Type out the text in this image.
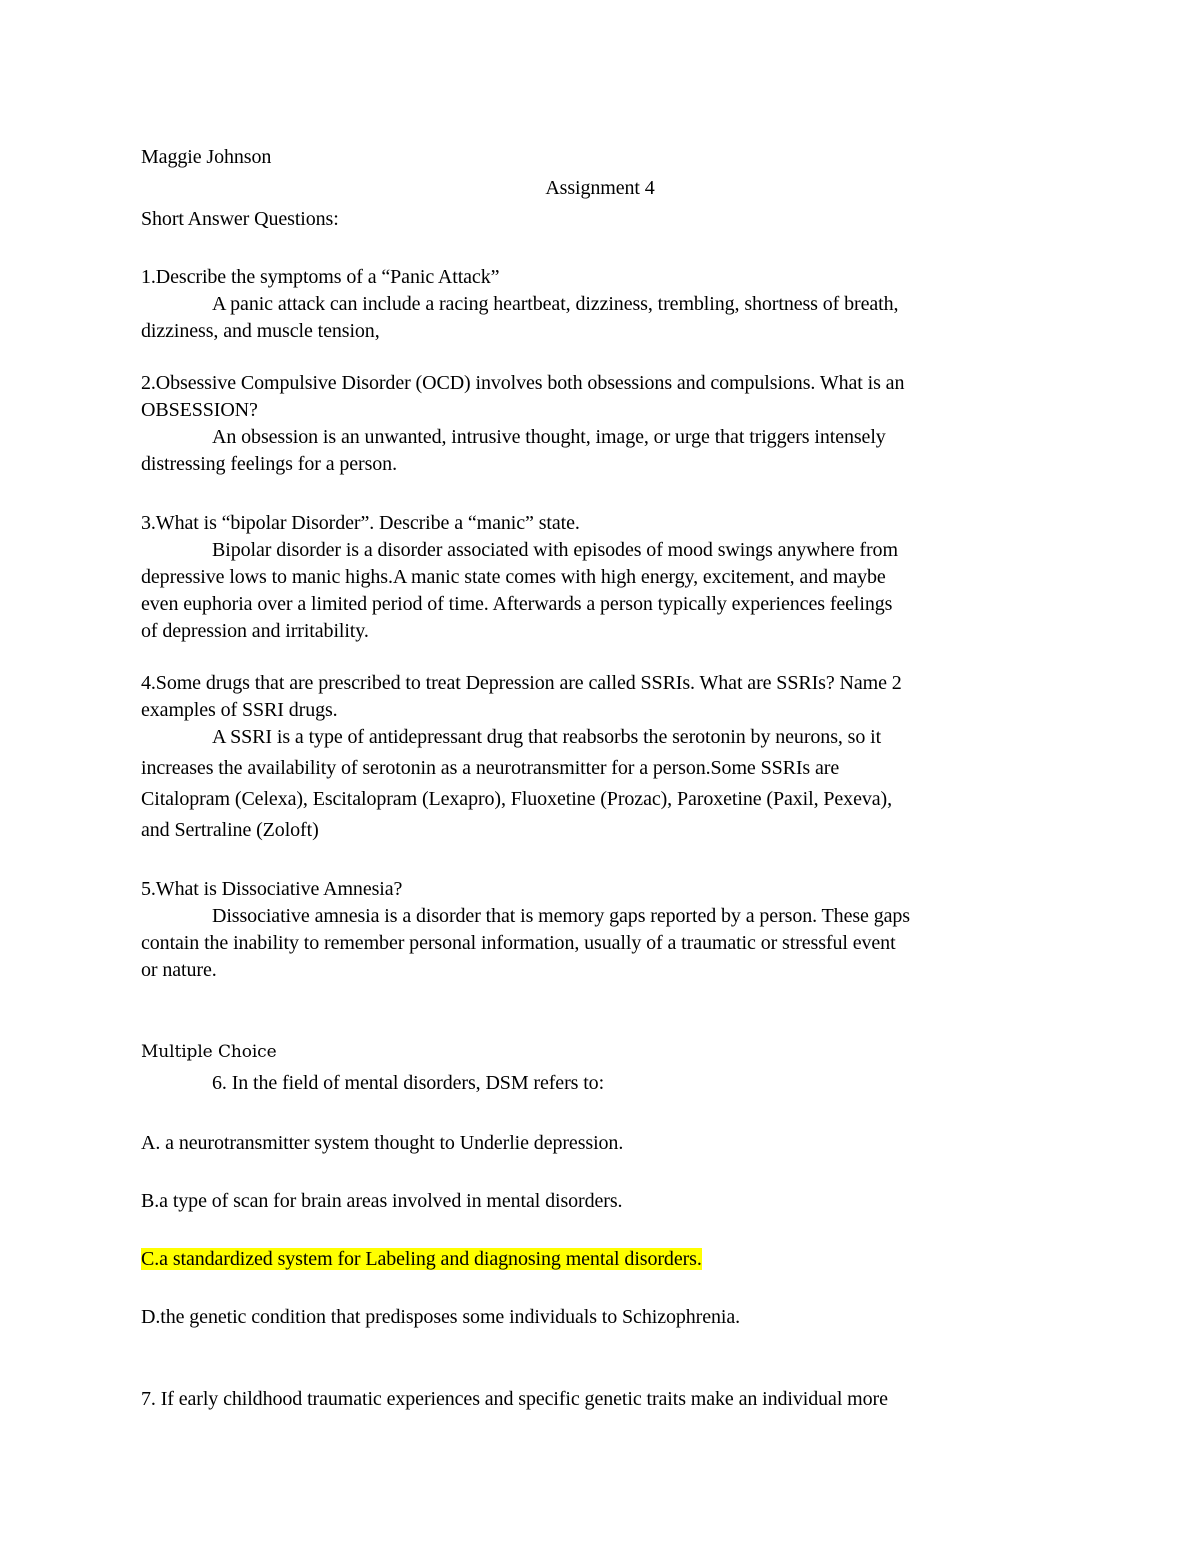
Maggie Johnson

Assignment 4

Short Answer Questions:

1.Describe the symptoms of a “Panic Attack”

A panic attack can include a racing heartbeat, dizziness, trembling, shortness of breath,

dizziness, and muscle tension,

2.Obsessive Compulsive Disorder (OCD) involves both obsessions and compulsions. What is an

OBSESSION?

An obsession is an unwanted, intrusive thought, image, or urge that triggers intensely

distressing feelings for a person.

3.What is “bipolar Disorder”. Describe a “manic” state.

Bipolar disorder is a disorder associated with episodes of mood swings anywhere from

depressive lows to manic highs.A manic state comes with high energy, excitement, and maybe

even euphoria over a limited period of time. Afterwards a person typically experiences feelings

of depression and irritability.

4.Some drugs that are prescribed to treat Depression are called SSRIs. What are SSRIs? Name 2

examples of SSRI drugs.

A SSRI is a type of antidepressant drug that reabsorbs the serotonin by neurons, so it

increases the availability of serotonin as a neurotransmitter for a person.Some SSRIs are

Citalopram (Celexa), Escitalopram (Lexapro), Fluoxetine (Prozac), Paroxetine (Paxil, Pexeva),

and Sertraline (Zoloft)

5.What is Dissociative Amnesia?

Dissociative amnesia is a disorder that is memory gaps reported by a person. These gaps

contain the inability to remember personal information, usually of a traumatic or stressful event

or nature.

Multiple Choice

6. In the field of mental disorders, DSM refers to:

A. a neurotransmitter system thought to Underlie depression.

B.a type of scan for brain areas involved in mental disorders.

C.a standardized system for Labeling and diagnosing mental disorders.

D.the genetic condition that predisposes some individuals to Schizophrenia.

7. If early childhood traumatic experiences and specific genetic traits make an individual more
